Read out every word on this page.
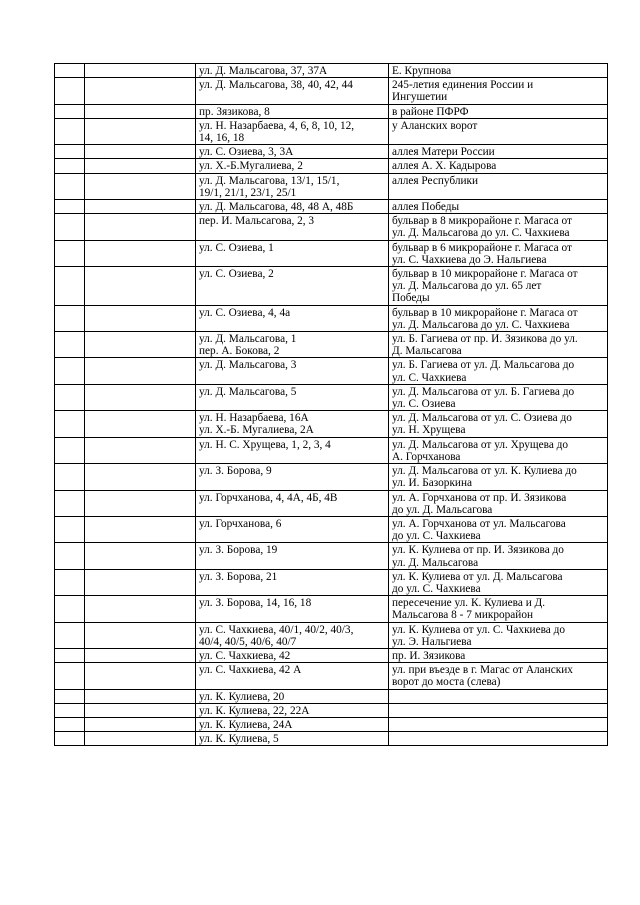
		ул. Д. Мальсагова, 37, 37А	Е. Крупнова

		ул. Д. Мальсагова, 38, 40, 42, 44	245-летия единения России и
Ингушетии

		пр. Зязикова, 8	в районе ПФРФ

		ул. Н. Назарбаева, 4, 6, 8, 10, 12,
14, 16, 18	у Аланских ворот

		ул. С. Озиева, 3, 3А	аллея Матери России

		ул. Х.-Б.Мугалиева, 2	аллея А. Х. Кадырова

		ул. Д. Мальсагова, 13/1, 15/1,
19/1, 21/1, 23/1, 25/1	аллея Республики

		ул. Д. Мальсагова, 48, 48 А, 48Б	аллея Победы

		пер. И. Мальсагова, 2, 3	бульвар в 8 микрорайоне г. Магаса от
ул. Д. Мальсагова до ул. С. Чахкиева

		ул. С. Озиева, 1	бульвар в 6 микрорайоне г. Магаса от
ул. С. Чахкиева до Э. Нальгиева

		ул. С. Озиева, 2	бульвар в 10 микрорайоне г. Магаса от
ул. Д. Мальсагова до ул. 65 лет
Победы

		ул. С. Озиева, 4, 4а	бульвар в 10 микрорайоне г. Магаса от
ул. Д. Мальсагова до ул. С. Чахкиева

		ул. Д. Мальсагова, 1
пер. А. Бокова, 2	ул. Б. Гагиева от пр. И. Зязикова до ул.
Д. Мальсагова

		ул. Д. Мальсагова, 3	ул. Б. Гагиева от ул. Д. Мальсагова до
ул. С. Чахкиева

		ул. Д. Мальсагова, 5	ул. Д. Мальсагова от ул. Б. Гагиева до
ул. С. Озиева

		ул. Н. Назарбаева, 16А
ул. Х.-Б. Мугалиева, 2А	ул. Д. Мальсагова от ул. С. Озиева до
ул. Н. Хрущева

		ул. Н. С. Хрущева, 1, 2, 3, 4	ул. Д. Мальсагова от ул. Хрущева до
А. Горчханова

		ул. З. Борова, 9	ул. Д. Мальсагова от ул. К. Кулиева до
ул. И. Базоркина

		ул. Горчханова, 4, 4А, 4Б, 4В	ул. А. Горчханова от пр. И. Зязикова
до ул. Д. Мальсагова

		ул. Горчханова, 6	ул. А. Горчханова от ул. Мальсагова
до ул. С. Чахкиева

		ул. З. Борова, 19	ул. К. Кулиева от пр. И. Зязикова до
ул. Д. Мальсагова

		ул. З. Борова, 21	ул. К. Кулиева от ул. Д. Мальсагова
до ул. С. Чахкиева

		ул. З. Борова, 14, 16, 18	пересечение ул. К. Кулиева и Д.
Мальсагова 8 - 7 микрорайон

		ул. С. Чахкиева, 40/1, 40/2, 40/3,
40/4, 40/5, 40/6, 40/7	ул. К. Кулиева от ул. С. Чахкиева до
ул. Э. Нальгиева

		ул. С. Чахкиева, 42	пр. И. Зязикова

		ул. С. Чахкиева, 42 А	ул. при въезде в г. Магас от Аланских
ворот до моста (слева)

		ул. К. Кулиева, 20	

		ул. К. Кулиева, 22, 22А	

		ул. К. Кулиева, 24А	

		ул. К. Кулиева, 5	
